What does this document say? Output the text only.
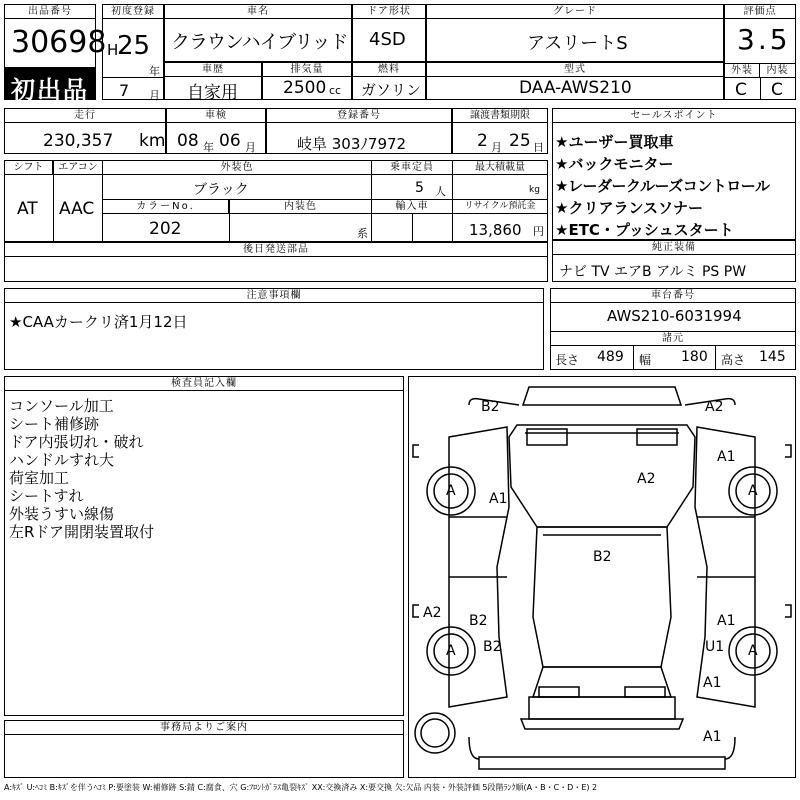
出品番号
30698
初出品
初度登録
H
25
年
7 月
車名
クラウンハイブリッド
ドア形状
4SD
グレード
アスリートS
評価点
3.5
外装	内装
C C
車歴
自家用
排気量
2500 cc
燃料
ガソリン
型式
DAA-AWS210
走行
230,357 km
車検
08 年 06 月
登録番号
岐阜 303ﾉ7972
譲渡書類期限
2 月 25 日
シフト
AT
エアコン
AAC
外装色
ブラック
カラーNo.
202
内装色
系
乗車定員
5 人
輸入車
最大積載量
kg
リサイクル預託金
13,860 円
後日発送部品
セールスポイント
★ユーザー買取車
★バックモニター
★レーダークルーズコントロール
★クリアランスソナー
★ETC・プッシュスタート
純正装備
ナビ TV エアB アルミ PS PW
注意事項欄
★CAAカークリ済1月12日
車台番号
AWS210-6031994
諸元
長さ 489 幅 180 高さ 145
検査員記入欄
コンソール加工
シート補修跡
ドア内張切れ・破れ
ハンドルすれ大
荷室加工
シートすれ
外装うすい線傷
左Rドア開閉装置取付
事務局よりご案内
B2	A2
A1
A2
A	A
A1
B2
A2 B2	A1
A	A
B2	U1
A1
A1
A:ｷｽﾞ U:ﾍｺﾐ B:ｷｽﾞを伴うﾍｺﾐ P:要塗装 W:補修跡 S:錆 C:腐食、穴 G:ﾌﾛﾝﾄｶﾞﾗｽ亀裂ｷｽﾞ XX:交換済み X:要交換 欠:欠品 内装・外装評価 5段階ﾗﾝｸ順(A・B・C・D・E) 2
